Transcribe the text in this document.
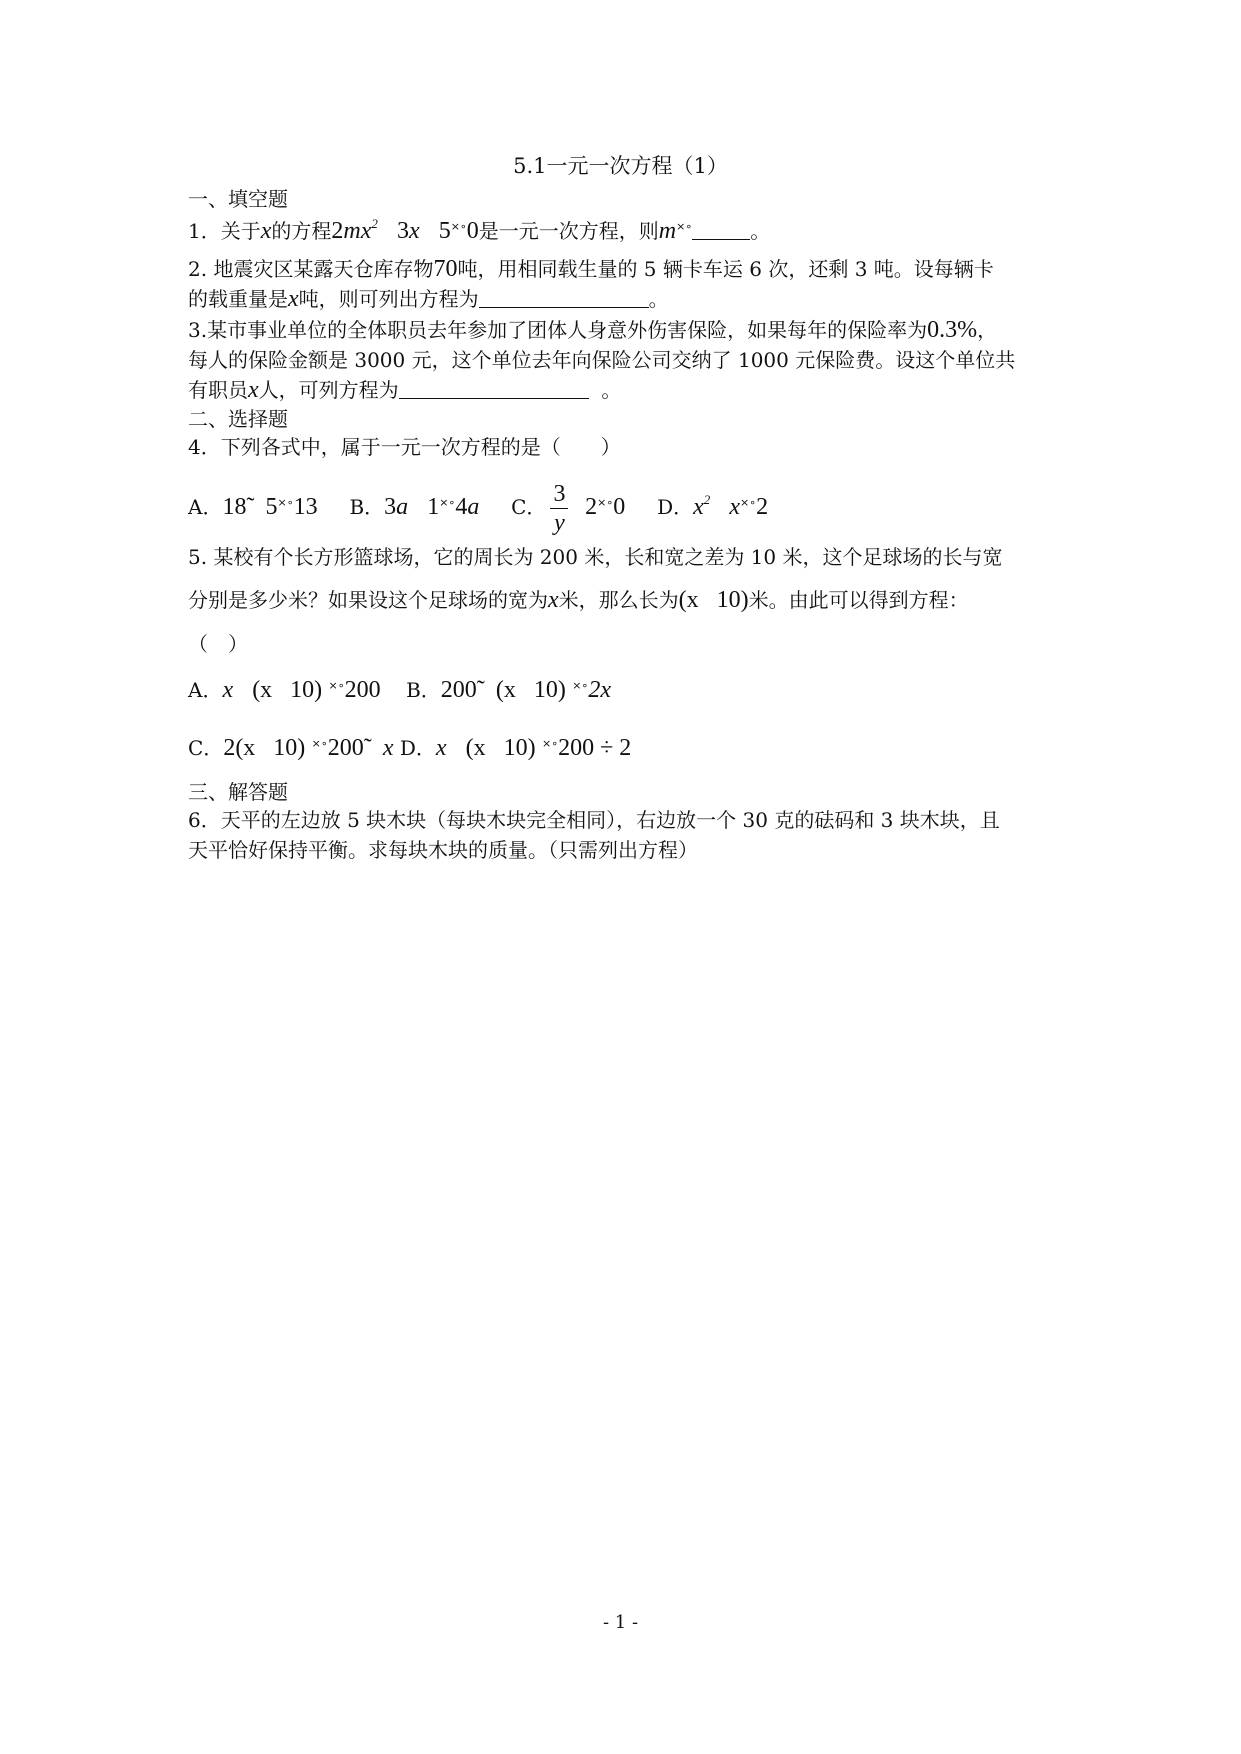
5.1一元一次方程（1）
一、填空题
1．关于x的方程$2mx^2$ 3x 5×∘0是一元一次方程，则m×∘	。
2. 地震灾区某露天仓库存物70吨，用相同载生量的 5 辆卡车运 6 次，还剩 3 吨。设每辆卡
的载重量是x吨，则可列出方程为	。
3.某市事业单位的全体职员去年参加了团体人身意外伤害保险，如果每年的保险率为0.3%，
每人的保险金额是 3000 元，这个单位去年向保险公司交纳了 1000 元保险费。设这个单位共
有职员x人，可列方程为	。
二、选择题
4．下列各式中，属于一元一次方程的是（　　）
A．18̃ 5×∘13 B．3a 1×∘4a C． $\frac{3}{y} 2^{\times\circ}0$ D．$x^2$ x×∘2
5. 某校有个长方形篮球场，它的周长为 200 米，长和宽之差为 10 米，这个足球场的长与宽
分别是多少米？如果设这个足球场的宽为x米，那么长为(x   10)米。由此可以得到方程：
（　）
A．x (x   10) ×∘200 B．200̃ (x   10) ×∘2x
C．2(x   10) ×∘200̃ x D．x (x   10) ×∘200 ÷ 2
三、解答题
6．天平的左边放 5 块木块（每块木块完全相同），右边放一个 30 克的砝码和 3 块木块，且
天平恰好保持平衡。求每块木块的质量。（只需列出方程）
- 1 -
